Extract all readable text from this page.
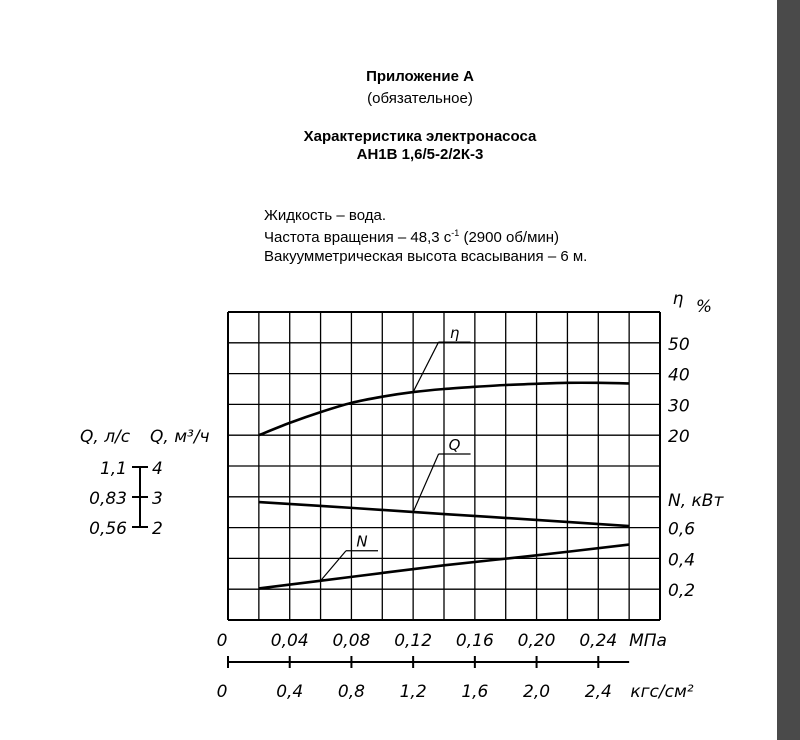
Приложение А
(обязательное)
Характеристика электронасоса
АН1В 1,6/5-2/2К-3
Жидкость – вода.
Частота вращения – 48,3 $с^{-1}$ (2900 об/мин)
Вакуумметрическая высота всасывания – 6 м.
η
Q
N
η %
50
40
30
20
N, кВт
0,6
0,4
0,2
Q, л/с Q, м³/ч
1,1 4
0,83 3
0,56 2
0
0
0,04
0,4
0,08
0,8
0,12
1,2
0,16
1,6
0,20
2,0
0,24
2,4
МПа
кгс/см²
